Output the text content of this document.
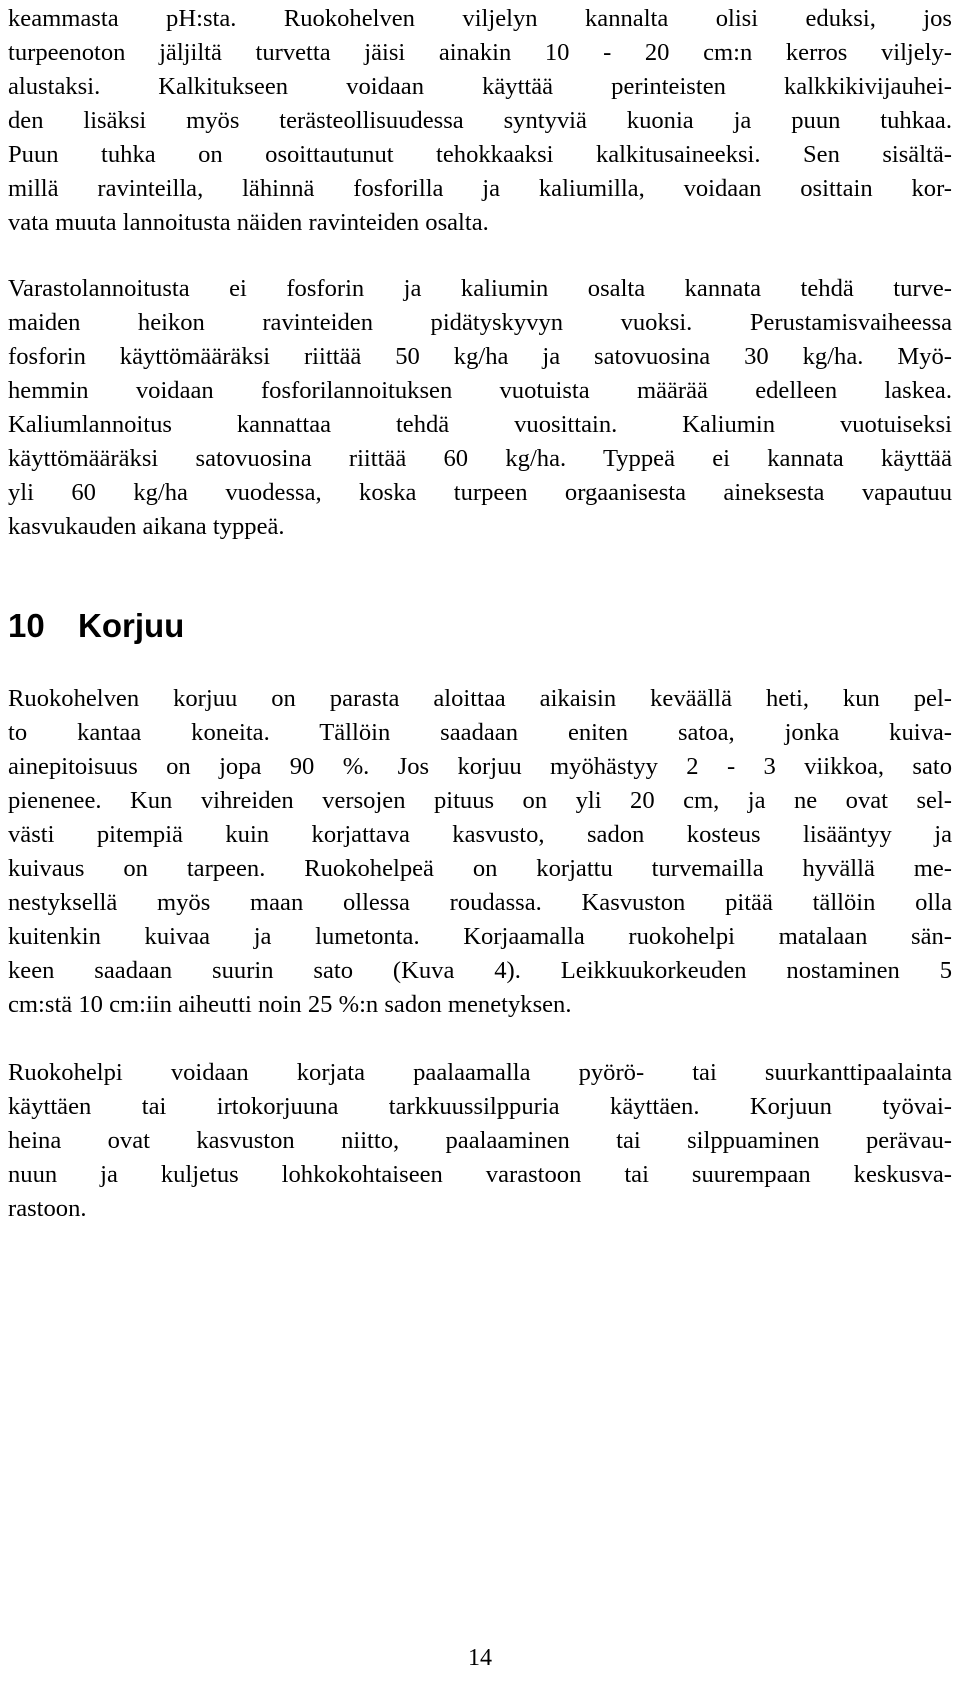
keammasta pH:sta. Ruokohelven viljelyn kannalta olisi eduksi, jos
turpeenoton jäljiltä turvetta jäisi ainakin 10 - 20 cm:n kerros viljely-
alustaksi. Kalkitukseen voidaan käyttää perinteisten kalkkikivijauhei-
den lisäksi myös terästeollisuudessa syntyviä kuonia ja puun tuhkaa.
Puun tuhka on osoittautunut tehokkaaksi kalkitusaineeksi. Sen sisältä-
millä ravinteilla, lähinnä fosforilla ja kaliumilla, voidaan osittain kor-
vata muuta lannoitusta näiden ravinteiden osalta.
Varastolannoitusta ei fosforin ja kaliumin osalta kannata tehdä turve-
maiden heikon ravinteiden pidätyskyvyn vuoksi. Perustamisvaiheessa
fosforin käyttömääräksi riittää 50 kg/ha ja satovuosina 30 kg/ha. Myö-
hemmin voidaan fosforilannoituksen vuotuista määrää edelleen laskea.
Kaliumlannoitus kannattaa tehdä vuosittain. Kaliumin vuotuiseksi
käyttömääräksi satovuosina riittää 60 kg/ha. Typpeä ei kannata käyttää
yli 60 kg/ha vuodessa, koska turpeen orgaanisesta aineksesta vapautuu
kasvukauden aikana typpeä.
10	Korjuu
Ruokohelven korjuu on parasta aloittaa aikaisin keväällä heti, kun pel-
to kantaa koneita. Tällöin saadaan eniten satoa, jonka kuiva-
ainepitoisuus on jopa 90 %. Jos korjuu myöhästyy 2 - 3 viikkoa, sato
pienenee. Kun vihreiden versojen pituus on yli 20 cm, ja ne ovat sel-
västi pitempiä kuin korjattava kasvusto, sadon kosteus lisääntyy ja
kuivaus on tarpeen. Ruokohelpeä on korjattu turvemailla hyvällä me-
nestyksellä myös maan ollessa roudassa. Kasvuston pitää tällöin olla
kuitenkin kuivaa ja lumetonta. Korjaamalla ruokohelpi matalaan sän-
keen saadaan suurin sato (Kuva 4). Leikkuukorkeuden nostaminen 5
cm:stä 10 cm:iin aiheutti noin 25 %:n sadon menetyksen.
Ruokohelpi voidaan korjata paalaamalla pyörö- tai suurkanttipaalainta
käyttäen tai irtokorjuuna tarkkuussilppuria käyttäen. Korjuun työvai-
heina ovat kasvuston niitto, paalaaminen tai silppuaminen perävau-
nuun ja kuljetus lohkokohtaiseen varastoon tai suurempaan keskusva-
rastoon.
14
